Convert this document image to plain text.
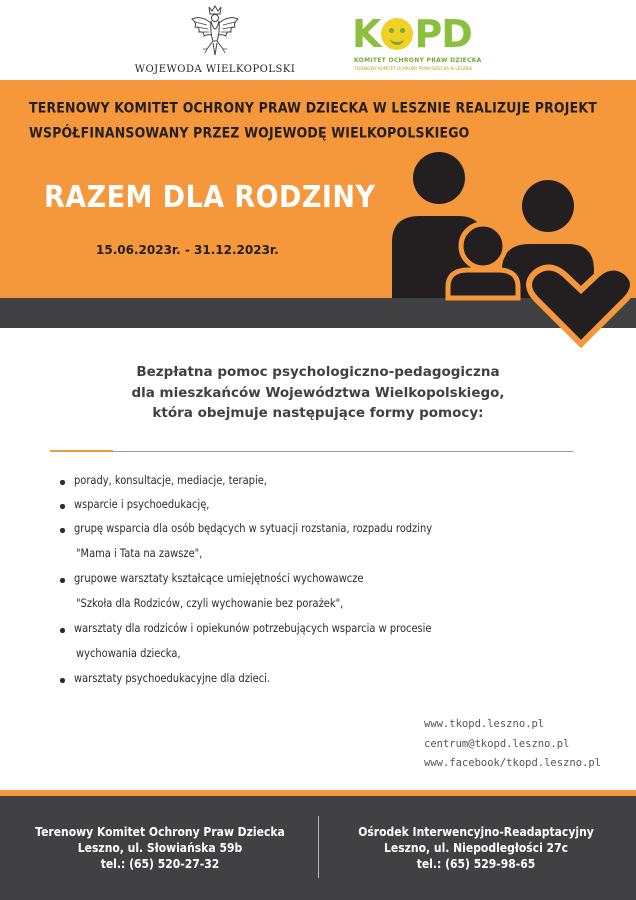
WOJEWODA WIELKOPOLSKI
K PD
KOMITET OCHRONY PRAW DZIECKA
TERENOWY KOMITET OCHRONY PRAW DZIECKA W LESZNIE
TERENOWY KOMITET OCHRONY PRAW DZIECKA W LESZNIE REALIZUJE PROJEKT
WSPÓŁFINANSOWANY PRZEZ WOJEWODĘ WIELKOPOLSKIEGO
RAZEM DLA RODZINY
15.06.2023r. - 31.12.2023r.
Bezpłatna pomoc psychologiczno-pedagogiczna
dla mieszkańców Województwa Wielkopolskiego,
która obejmuje następujące formy pomocy:
porady, konsultacje, mediacje, terapie,
wsparcie i psychoedukację,
grupę wsparcia dla osób będących w sytuacji rozstania, rozpadu rodziny
"Mama i Tata na zawsze",
grupowe warsztaty kształcące umiejętności wychowawcze
"Szkoła dla Rodziców, czyli wychowanie bez porażek",
warsztaty dla rodziców i opiekunów potrzebujących wsparcia w procesie
wychowania dziecka,
warsztaty psychoedukacyjne dla dzieci.
www.tkopd.leszno.pl
centrum@tkopd.leszno.pl
www.facebook/tkopd.leszno.pl
Terenowy Komitet Ochrony Praw Dziecka
Leszno, ul. Słowiańska 59b
tel.: (65) 520-27-32
Ośrodek Interwencyjno-Readaptacyjny
Leszno, ul. Niepodległości 27c
tel.: (65) 529-98-65
